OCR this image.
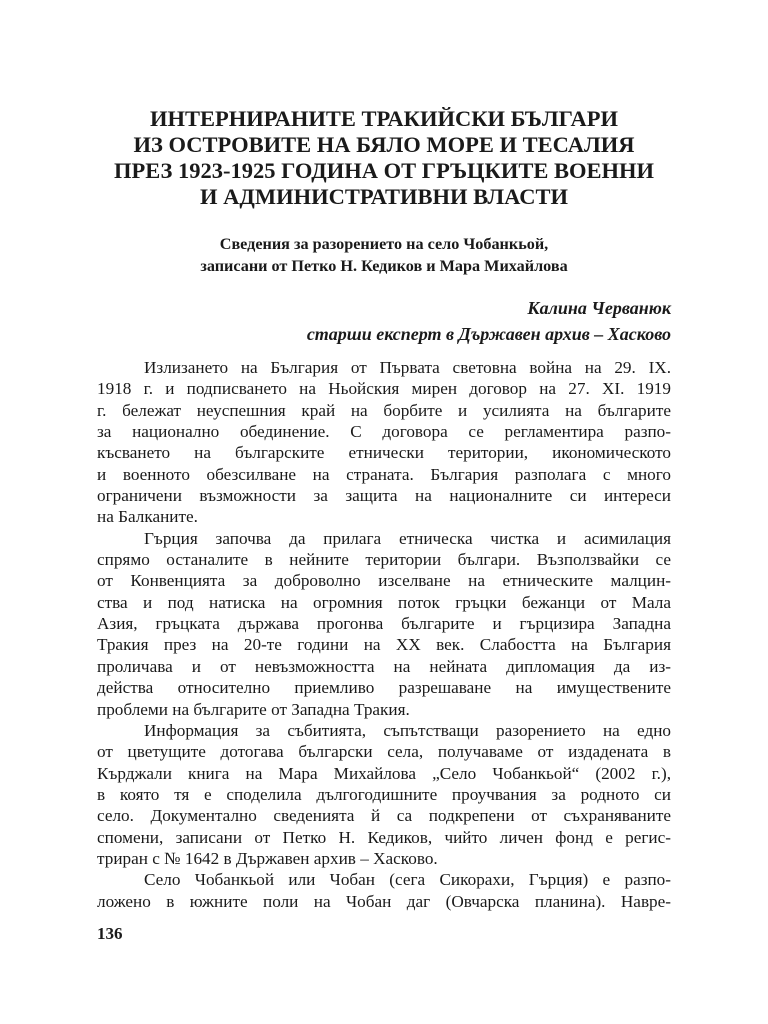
ИНТЕРНИРАНИТЕ ТРАКИЙСКИ БЪЛГАРИ
ИЗ ОСТРОВИТЕ НА БЯЛО МОРЕ И ТЕСАЛИЯ
ПРЕЗ 1923-1925 ГОДИНА ОТ ГРЪЦКИТЕ ВОЕННИ
И АДМИНИСТРАТИВНИ ВЛАСТИ
Сведения за разорението на село Чобанкьой,
записани от Петко Н. Кедиков и Мара Михайлова
Калина Черванюк
старши експерт в Държавен архив – Хасково
Излизането на България от Първата световна война на 29. IX.
1918 г. и подписването на Ньойския мирен договор на 27. XI. 1919
г. бележат неуспешния край на борбите и усилията на българите
за национално обединение. С договора се регламентира разпо-
късването на българските етнически територии, икономическото
и военното обезсилване на страната. България разполага с много
ограничени възможности за защита на националните си интереси
на Балканите.
Гърция започва да прилага етническа чистка и асимилация
спрямо останалите в нейните територии българи. Възползвайки се
от Конвенцията за доброволно изселване на етническите малцин-
ства и под натиска на огромния поток гръцки бежанци от Мала
Азия, гръцката държава прогонва българите и гърцизира Западна
Тракия през на 20-те години на XX век. Слабостта на България
проличава и от невъзможността на нейната дипломация да из-
действа относително приемливо разрешаване на имуществените
проблеми на българите от Западна Тракия.
Информация за събитията, съпътстващи разорението на едно
от цветущите дотогава български села, получаваме от издадената в
Кърджали книга на Мара Михайлова „Село Чобанкьой“ (2002 г.),
в която тя е споделила дългогодишните проучвания за родното си
село. Документално сведенията й са подкрепени от съхраняваните
спомени, записани от Петко Н. Кедиков, чийто личен фонд е регис-
триран с № 1642 в Държавен архив – Хасково.
Село Чобанкьой или Чобан (сега Сикорахи, Гърция) е разпо-
ложено в южните поли на Чобан даг (Овчарска планина). Навре-
136
